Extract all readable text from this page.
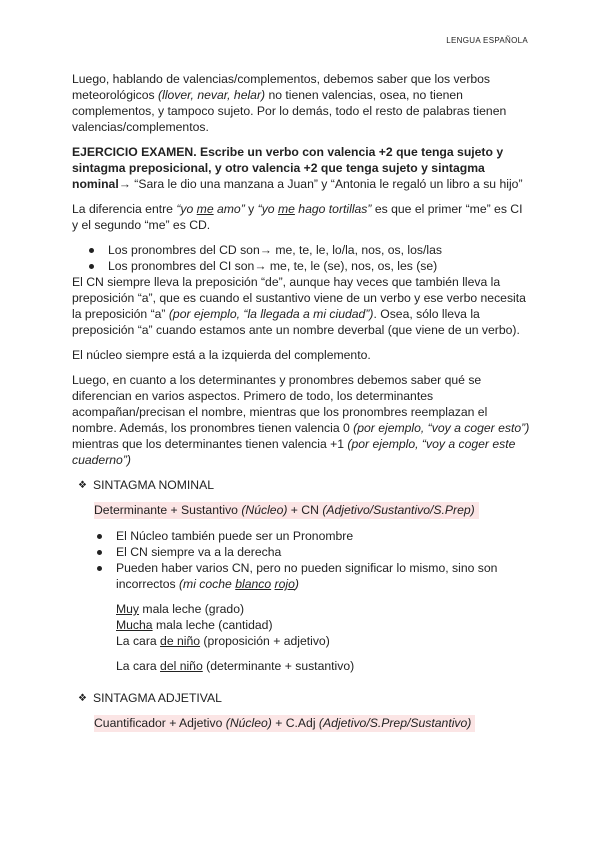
LENGUA ESPAÑOLA

Luego, hablando de valencias/complementos, debemos saber que los verbos meteorológicos (llover, nevar, helar) no tienen valencias, osea, no tienen complementos, y tampoco sujeto. Por lo demás, todo el resto de palabras tienen valencias/complementos.

EJERCICIO EXAMEN. Escribe un verbo con valencia +2 que tenga sujeto y sintagma preposicional, y otro valencia +2 que tenga sujeto y sintagma nominal→ “Sara le dio una manzana a Juan” y “Antonia le regaló un libro a su hijo”

La diferencia entre “yo me amo” y “yo me hago tortillas” es que el primer “me” es CI y el segundo “me” es CD.

Los pronombres del CD son→ me, te, le, lo/la, nos, os, los/las
Los pronombres del CI son→ me, te, le (se), nos, os, les (se)

El CN siempre lleva la preposición “de”, aunque hay veces que también lleva la preposición “a”, que es cuando el sustantivo viene de un verbo y ese verbo necesita la preposición “a” (por ejemplo, “la llegada a mi ciudad”). Osea, sólo lleva la preposición “a” cuando estamos ante un nombre deverbal (que viene de un verbo).

El núcleo siempre está a la izquierda del complemento.

Luego, en cuanto a los determinantes y pronombres debemos saber qué se diferencian en varios aspectos. Primero de todo, los determinantes acompañan/precisan el nombre, mientras que los pronombres reemplazan el nombre. Además, los pronombres tienen valencia 0 (por ejemplo, “voy a coger esto”) mientras que los determinantes tienen valencia +1 (por ejemplo, “voy a coger este cuaderno”)

❖ SINTAGMA NOMINAL
Determinante + Sustantivo (Núcleo) + CN (Adjetivo/Sustantivo/S.Prep)
El Núcleo también puede ser un Pronombre
El CN siempre va a la derecha
Pueden haber varios CN, pero no pueden significar lo mismo, sino son incorrectos (mi coche blanco rojo)

Muy mala leche (grado)

Mucha mala leche (cantidad)

La cara de niño (proposición + adjetivo)

La cara del niño (determinante + sustantivo)

❖ SINTAGMA ADJETIVAL
Cuantificador + Adjetivo (Núcleo) + C.Adj (Adjetivo/S.Prep/Sustantivo)
